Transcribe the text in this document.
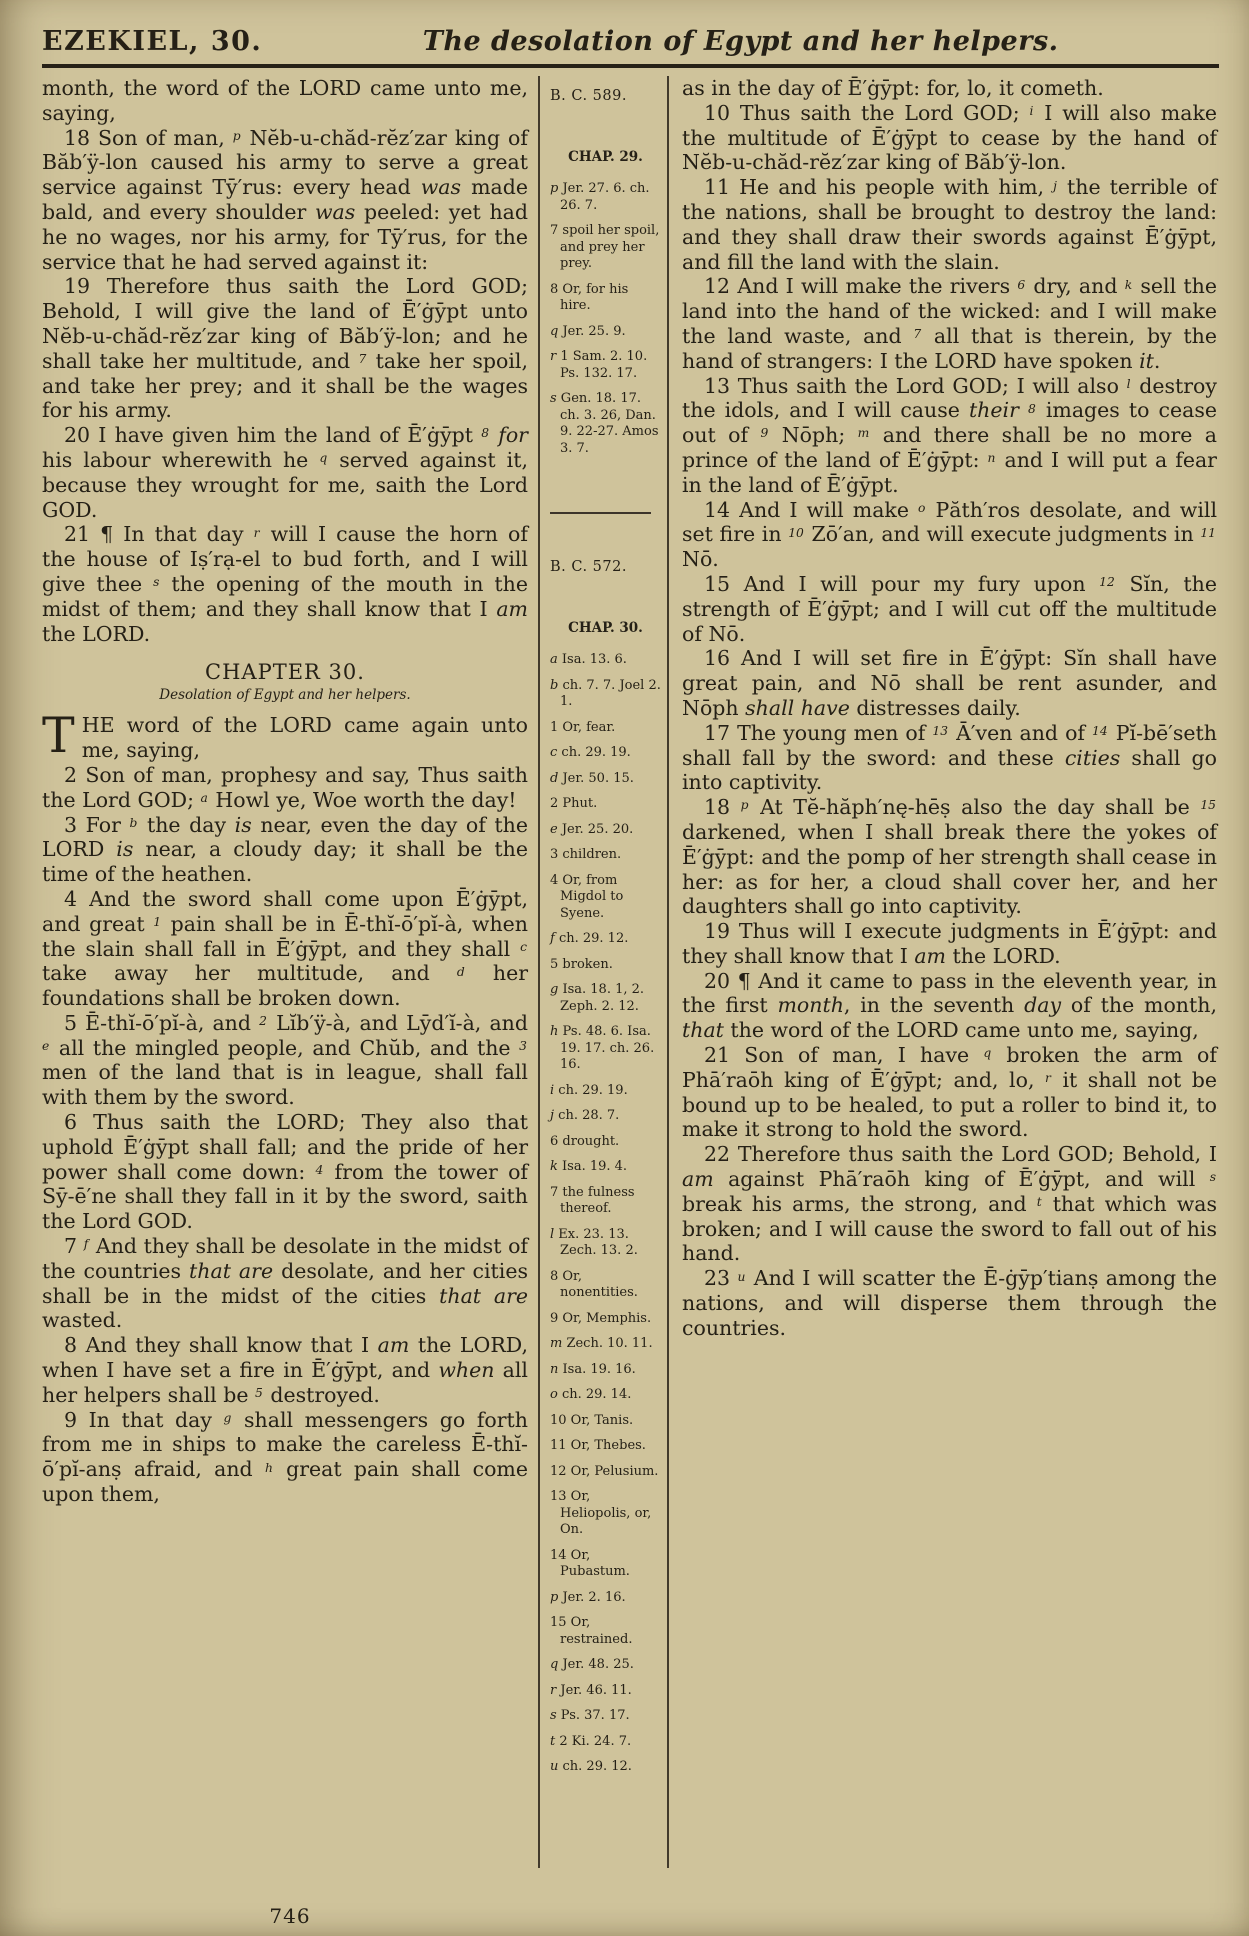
EZEKIEL, 30.	The desolation of Egypt and her helpers.

month, the word of the LORD came unto me, saying,

18 Son of man, $^p$ Nĕb-u-chăd-rĕz′zar king of Băb′ÿ-lon caused his army to serve a great service against Tȳ′rus: every head was made bald, and every shoulder was peeled: yet had he no wages, nor his army, for Tȳ′rus, for the service that he had served against it:

19 Therefore thus saith the Lord GOD; Behold, I will give the land of Ē′ġȳpt unto Nĕb-u-chăd-rĕz′zar king of Băb′ÿ-lon; and he shall take her multitude, and $^7$ take her spoil, and take her prey; and it shall be the wages for his army.

20 I have given him the land of Ē′ġȳpt $^8$ for his labour wherewith he $^q$ served against it, because they wrought for me, saith the Lord GOD.

21 ¶ In that day $^r$ will I cause the horn of the house of Iṣ′rạ-el to bud forth, and I will give thee $^s$ the opening of the mouth in the midst of them; and they shall know that I am the LORD.

CHAPTER 30.
Desolation of Egypt and her helpers.

THE word of the LORD came again unto me, saying,

2 Son of man, prophesy and say, Thus saith the Lord GOD; $^a$ Howl ye, Woe worth the day!

3 For $^b$ the day is near, even the day of the LORD is near, a cloudy day; it shall be the time of the heathen.

4 And the sword shall come upon Ē′ġȳpt, and great $^1$ pain shall be in Ē-thĭ-ō′pĭ-à, when the slain shall fall in Ē′ġȳpt, and they shall $^c$ take away her multitude, and $^d$ her foundations shall be broken down.

5 Ē-thĭ-ō′pĭ-à, and $^2$ Lĭb′ÿ-à, and Lȳd′ĭ-à, and $^e$ all the mingled people, and Chŭb, and the $^3$ men of the land that is in league, shall fall with them by the sword.

6 Thus saith the LORD; They also that uphold Ē′ġȳpt shall fall; and the pride of her power shall come down: $^4$ from the tower of Sȳ-ē′ne shall they fall in it by the sword, saith the Lord GOD.

7 $^f$ And they shall be desolate in the midst of the countries that are desolate, and her cities shall be in the midst of the cities that are wasted.

8 And they shall know that I am the LORD, when I have set a fire in Ē′ġȳpt, and when all her helpers shall be $^5$ destroyed.

9 In that day $^g$ shall messengers go forth from me in ships to make the careless Ē-thĭ-ō′pĭ-anṣ afraid, and $^h$ great pain shall come upon them,

B. C. 589.

CHAP. 29.

p Jer. 27. 6. ch. 26. 7.

7 spoil her spoil, and prey her prey.

8 Or, for his hire.

q Jer. 25. 9.

r 1 Sam. 2. 10. Ps. 132. 17.

s Gen. 18. 17. ch. 3. 26, Dan. 9. 22-27. Amos 3. 7.

B. C. 572.

CHAP. 30.

a Isa. 13. 6.

b ch. 7. 7. Joel 2. 1.

1 Or, fear.

c ch. 29. 19.

d Jer. 50. 15.

2 Phut.

e Jer. 25. 20.

3 children.

4 Or, from Migdol to Syene.

f ch. 29. 12.

5 broken.

g Isa. 18. 1, 2. Zeph. 2. 12.

h Ps. 48. 6. Isa. 19. 17. ch. 26. 16.

i ch. 29. 19.

j ch. 28. 7.

6 drought.

k Isa. 19. 4.

7 the fulness thereof.

l Ex. 23. 13. Zech. 13. 2.

8 Or, nonentities.

9 Or, Memphis.

m Zech. 10. 11.

n Isa. 19. 16.

o ch. 29. 14.

10 Or, Tanis.

11 Or, Thebes.

12 Or, Pelusium.

13 Or, Heliopolis, or, On.

14 Or, Pubastum.

p Jer. 2. 16.

15 Or, restrained.

q Jer. 48. 25.

r Jer. 46. 11.

s Ps. 37. 17.

t 2 Ki. 24. 7.

u ch. 29. 12.

as in the day of Ē′ġȳpt: for, lo, it cometh.

10 Thus saith the Lord GOD; $^i$ I will also make the multitude of Ē′ġȳpt to cease by the hand of Nĕb-u-chăd-rĕz′zar king of Băb′ÿ-lon.

11 He and his people with him, $^j$ the terrible of the nations, shall be brought to destroy the land: and they shall draw their swords against Ē′ġȳpt, and fill the land with the slain.

12 And I will make the rivers $^6$ dry, and $^k$ sell the land into the hand of the wicked: and I will make the land waste, and $^7$ all that is therein, by the hand of strangers: I the LORD have spoken it.

13 Thus saith the Lord GOD; I will also $^l$ destroy the idols, and I will cause their $^8$ images to cease out of $^9$ Nōph; $^m$ and there shall be no more a prince of the land of Ē′ġȳpt: $^n$ and I will put a fear in the land of Ē′ġȳpt.

14 And I will make $^o$ Păth′ros desolate, and will set fire in $^{10}$ Zō′an, and will execute judgments in $^{11}$ Nō.

15 And I will pour my fury upon $^{12}$ Sĭn, the strength of Ē′ġȳpt; and I will cut off the multitude of Nō.

16 And I will set fire in Ē′ġȳpt: Sĭn shall have great pain, and Nō shall be rent asunder, and Nōph shall have distresses daily.

17 The young men of $^{13}$ Ā′ven and of $^{14}$ Pĭ-bē′seth shall fall by the sword: and these cities shall go into captivity.

18 $^p$ At Tĕ-hăph′nę-hēṣ also the day shall be $^{15}$ darkened, when I shall break there the yokes of Ē′ġȳpt: and the pomp of her strength shall cease in her: as for her, a cloud shall cover her, and her daughters shall go into captivity.

19 Thus will I execute judgments in Ē′ġȳpt: and they shall know that I am the LORD.

20 ¶ And it came to pass in the eleventh year, in the first month, in the seventh day of the month, that the word of the LORD came unto me, saying,

21 Son of man, I have $^q$ broken the arm of Phā′raōh king of Ē′ġȳpt; and, lo, $^r$ it shall not be bound up to be healed, to put a roller to bind it, to make it strong to hold the sword.

22 Therefore thus saith the Lord GOD; Behold, I am against Phā′raōh king of Ē′ġȳpt, and will $^s$ break his arms, the strong, and $^t$ that which was broken; and I will cause the sword to fall out of his hand.

23 $^u$ And I will scatter the Ē-ġȳp′tianṣ among the nations, and will disperse them through the countries.

746
